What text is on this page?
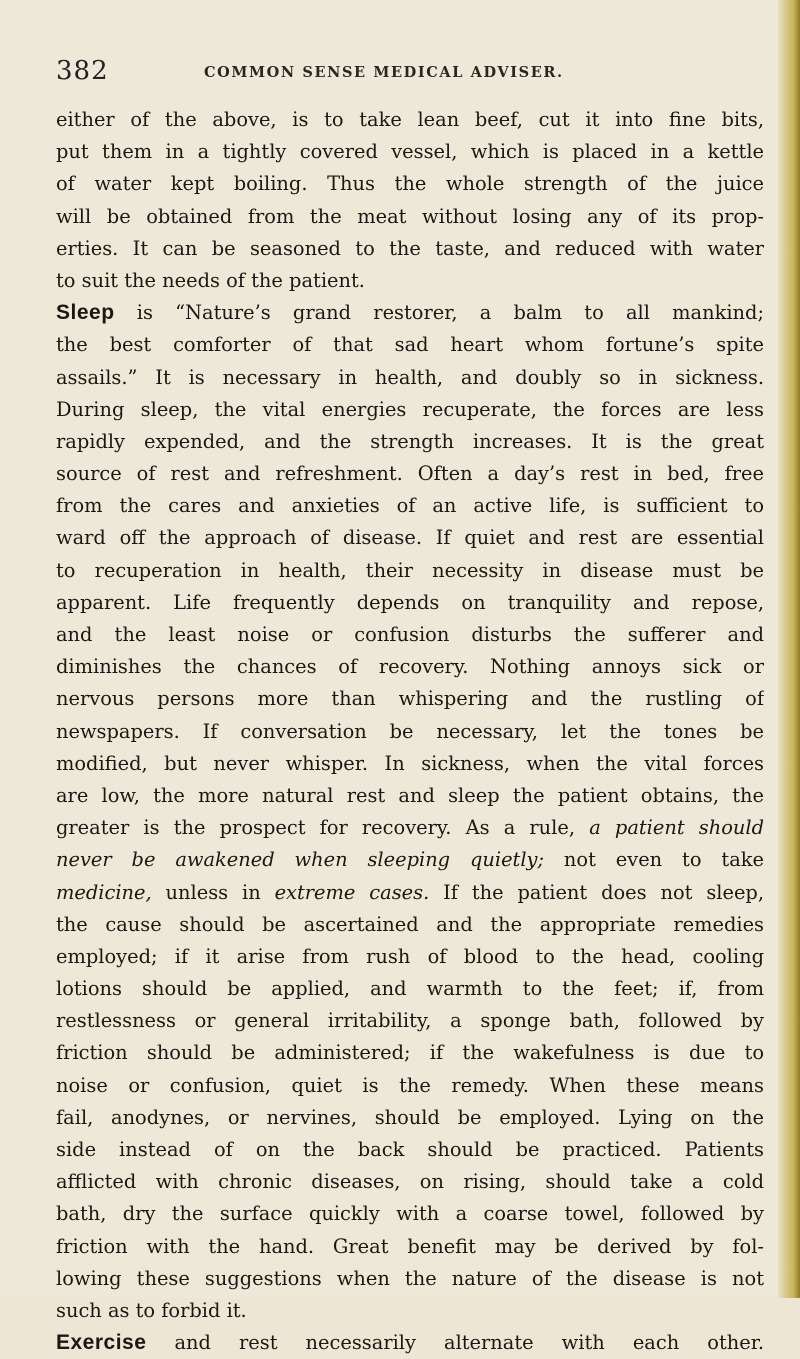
382	COMMON SENSE MEDICAL ADVISER.
either of the above, is to take lean beef, cut it into fine bits,
put them in a tightly covered vessel, which is placed in a kettle
of water kept boiling. Thus the whole strength of the juice
will be obtained from the meat without losing any of its prop-
erties. It can be seasoned to the taste, and reduced with water
to suit the needs of the patient.
Sleep is “Nature’s grand restorer, a balm to all mankind;
the best comforter of that sad heart whom fortune’s spite
assails.” It is necessary in health, and doubly so in sickness.
During sleep, the vital energies recuperate, the forces are less
rapidly expended, and the strength increases. It is the great
source of rest and refreshment. Often a day’s rest in bed, free
from the cares and anxieties of an active life, is sufficient to
ward off the approach of disease. If quiet and rest are essential
to recuperation in health, their necessity in disease must be
apparent. Life frequently depends on tranquility and repose,
and the least noise or confusion disturbs the sufferer and
diminishes the chances of recovery. Nothing annoys sick or
nervous persons more than whispering and the rustling of
newspapers. If conversation be necessary, let the tones be
modified, but never whisper. In sickness, when the vital forces
are low, the more natural rest and sleep the patient obtains, the
greater is the prospect for recovery. As a rule, a patient should
never be awakened when sleeping quietly; not even to take
medicine, unless in extreme cases. If the patient does not sleep,
the cause should be ascertained and the appropriate remedies
employed; if it arise from rush of blood to the head, cooling
lotions should be applied, and warmth to the feet; if, from
restlessness or general irritability, a sponge bath, followed by
friction should be administered; if the wakefulness is due to
noise or confusion, quiet is the remedy. When these means
fail, anodynes, or nervines, should be employed. Lying on the
side instead of on the back should be practiced. Patients
afflicted with chronic diseases, on rising, should take a cold
bath, dry the surface quickly with a coarse towel, followed by
friction with the hand. Great benefit may be derived by fol-
lowing these suggestions when the nature of the disease is not
such as to forbid it.
Exercise and rest necessarily alternate with each other.
